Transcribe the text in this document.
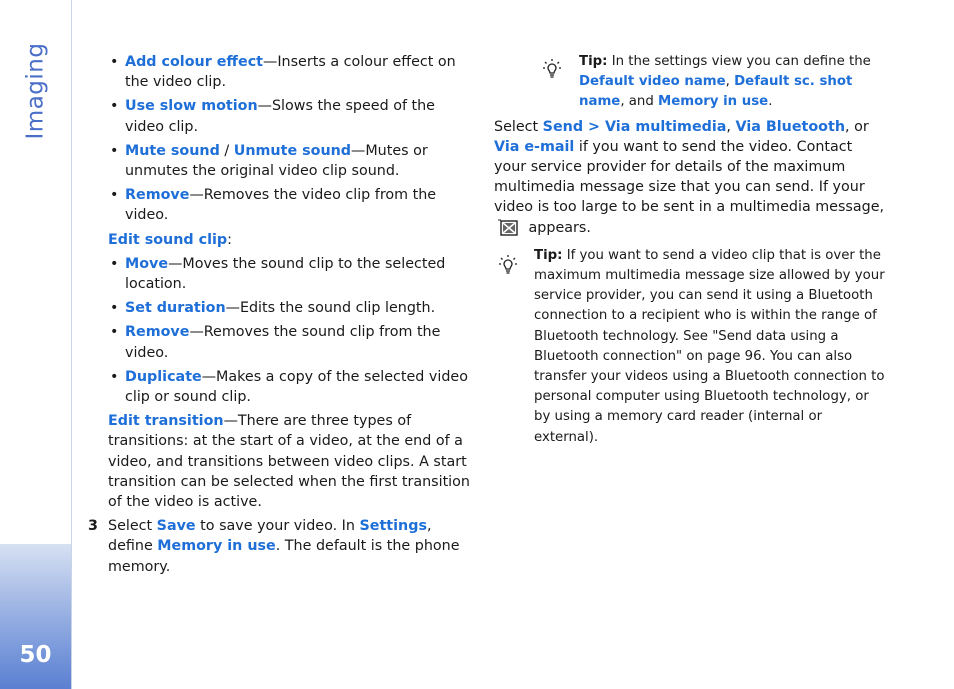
Imaging
50
• Add colour effect—Inserts a colour effect on the video clip.
• Use slow motion—Slows the speed of the video clip.
• Mute sound / Unmute sound—Mutes or unmutes the original video clip sound.
• Remove—Removes the video clip from the video.
Edit sound clip:
• Move—Moves the sound clip to the selected location.
• Set duration—Edits the sound clip length.
• Remove—Removes the sound clip from the video.
• Duplicate—Makes a copy of the selected video clip or sound clip.
Edit transition—There are three types of transitions: at the start of a video, at the end of a video, and transitions between video clips. A start transition can be selected when the first transition of the video is active.
3 Select Save to save your video. In Settings, define Memory in use. The default is the phone memory.
Tip: In the settings view you can define the Default video name, Default sc. shot name, and Memory in use.
Select Send > Via multimedia, Via Bluetooth, or Via e-mail if you want to send the video. Contact your service provider for details of the maximum multimedia message size that you can send. If your video is too large to be sent in a multimedia message,  appears.
Tip: If you want to send a video clip that is over the maximum multimedia message size allowed by your service provider, you can send it using a Bluetooth connection to a recipient who is within the range of Bluetooth technology. See "Send data using a Bluetooth connection" on page 96. You can also transfer your videos using a Bluetooth connection to personal computer using Bluetooth technology, or by using a memory card reader (internal or external).
